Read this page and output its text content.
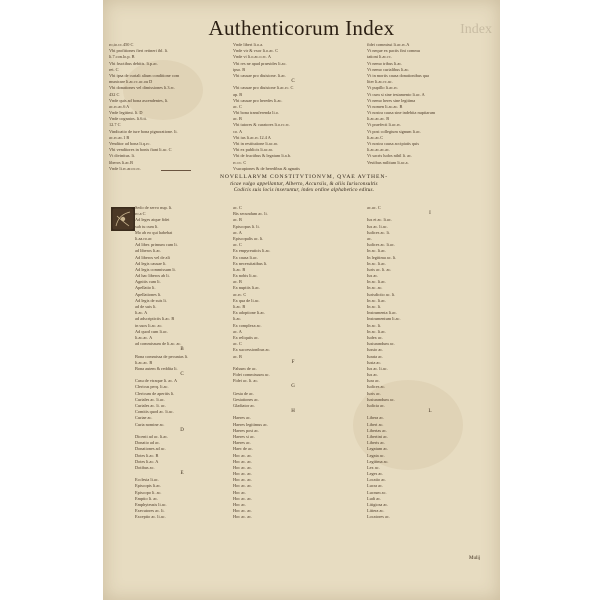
Authenticorum Index	Index
ro,to.cc.450 C
Vbi profitiones fieri retineri ibl. li.
li.7.con.lo.p. B
Vbi fructibus debitis. li.p.ac.
ret. C
Vbi ipsa de curiali alium conditione com
municare li.ac.rc.ac.ou D
Vbi donationes vel dimissiones li.3.rc.
432 C
Vnde quis ad bona ascendentes, li.
ac.rc.ac.6 A
Vnde legitimi. li. D
Vnde cognatos. li.6.tt.
12.7 C
Vindicatio de iure bona pignoratione. li.
ac.rc.ac.1 B
Venditor ad bona li.q.rc.
Vbi venditores in bonis fiant li.ac. C
Vt divinitus. li.
liberos li.ac.B
Vnde li.rc.ar.oc.rc.
Vnde liberi li.o.a.
Vnde vir & vxor li.o.ac. C
Vnde vi li.o.ac.o.rc. A
Vbi res ne apud praesides li.ac.
ipso. B
Vbi causae pro diuisione. li.ac.
C
Vbi causae pro diuisione li.ac.rc. C
ap. B
Vbi causae pro heredes li.ac.
ac. C
Vbi bona transferenda li.o.
ac. B
Vbi tutores & curatores li.o.rc.rc.
co. A
Vbi ius li.ac.rc.12.4 A
Vbi in restitutione li.ac.ro.
Vbi ex publicis li.ac.ro.
Vbi de fructibus & legatum li.a.b.
rc.cc. C
Vsucapiones & de heredibus & agnatis
fidei commissi li.ac.rc.A
Vt neque ex pactis fini commu
tationi li.ac.rc.
Vt nemo tribus li.ac.
Vt nemo curialibus li.ac.
Vt in mortis causa donationibus qua
liter li.ac.rc.ac.
Vt pupillo li.ac.rc.
Vt cum si sine testamento li.ac. A
Vt nemo heres sine legitima
Vt nomen li.ac.ac. B
Vt nostra causa sine indebita nuptiarum
li.ac.ac.ac. B
Vt praefecti li.ac.rc.
Vt post collegium signum li.ac.
li.ac.ac.C
Vt nostra causa accipiatis quis
li.ac.ac.ac.ac.
Vt sacris ludos nihil li. ac.
Vestibus militum li.ac.a.
NOVELLARVM CONSTITVTIONVM, QVAE AVTHEN-
ticae vulgo appellantur, Alberto, Accursiis, & aliis Iurisconsultis
Codicis suis locis inseruntur, index ordine alphabetico editus.
Sedo de servo nup. li.
ro.a C
Ad leges atque fidei
sub tu cum li.
Mo ab eo qui habebat
li.aa.ro.ac
Ad liber. primum cum li.
ad liberos li.ac.
Ad liberos vel de ali
Ad legis causae li.
Ad legis commissum li.
Ad hac liberos ab li.
Agnitis cum li.
Apellatio li.
Apellationes li.
Ad legis de suis li.
ad de suis li.
li.ac. A
ad adscripticiis li.ac. B
in suos li.ac. ac.
Ad quod cum li.ac.
li.ac.ac. A
ad commissum de li.ac. ac.
B
Bona commissa de pecunias li.
li.ac.ac. B
Bona autem & reddita li.
C
Casu de vtraque li. ac. A
Clericus perq. li.ac.
Clericum de aperitis li.
Curiales ac. li.ac.
Curiales ac. li. ac.
Comitis quod ac. li.ac.
Curiae ac.
Curia nomine ac.
D
Dicenti ad ac. li.ac.
Donatio ad ac.
Donationes ad ac.
Dotes li.ac. B
Dotes li.ac. A
Dotibus ac.
E
Ecclesia li.ac.
Episcopis li.ac.
Episcopo li. ac.
Emptio li. ac.
Emphyteusis li.ac.
Executores ac. li.
Exceptio ac. li.ac.
ac. C
Bis secundum ac. li.
ac. B
Episcopus li. li.
ac. A
Episcopalis ac. li.
ac. C
Ex empyreuticis li.ac.
Ex causa li.ac.
Ex necessitatibus li.
li.ac. B
Ex nobis li.ac.
ac. B
Ex nuptiis li.ac.
ac.rc. C
Ex qua de li.ac.
li.ac. B
Ex adoptione li.ac.
li.ac.
Ex complexa ac.
ac. A
Ex reliquiis ac.
ac. C
Ex successionibus ac.
ac. B
F
Falsum de ac.
Fidei commissum ac.
Fidei ac. li. ac.
G
Gesta de ac.
Gestationes ac.
Gladiator ac.
H
Haeres ac.
Haeres legitimus ac.
Haeres post ac.
Haeres si ac.
Haeres ac.
Haec de ac.
Hoc ac. ac.
Hoc ac. ac.
Hoc ac. ac.
Hoc ac. ac.
Hoc ac. ac.
Hoc ac. ac.
Hoc ac.
Hoc ac. ac.
Hoc ac.
Hoc ac. ac.
Hoc ac. ac.
ac.ac. C
I
Ius et ac. li.ac.
Ius ac. li.ac.
Iudices ac. li.
ac.
Iudices ac. li.ac.
In ac. li.ac.
In legitima ac. li.
In ac. li.ac.
Iuris ac. li. ac.
Ius ac.
In ac. li.ac.
In ac. ac.
Iurisdictio ac. li.
In ac. li.ac.
In ac. li.
Instrumenta li.ac.
Instrumentum li.ac.
In ac. li.
In ac. li.ac.
Iudex ac.
Iusiurandum ac.
Iussio ac.
Iurata ac.
Iusta ac.
Ius ac. li.ac.
Ius ac.
Iura ac.
Iudices ac.
Iuris ac.
Iusiurandum ac.
Iudicia ac.
L
Libera ac.
Liberi ac.
Libertas ac.
Libertini ac.
Liberis ac.
Legatum ac.
Legata ac.
Legitima ac.
Lex ac.
Leges ac.
Locatio ac.
Lucra ac.
Lucrum ac.
Ludi ac.
Litigiosa ac.
Littera ac.
Locatores ac.
Mulij
